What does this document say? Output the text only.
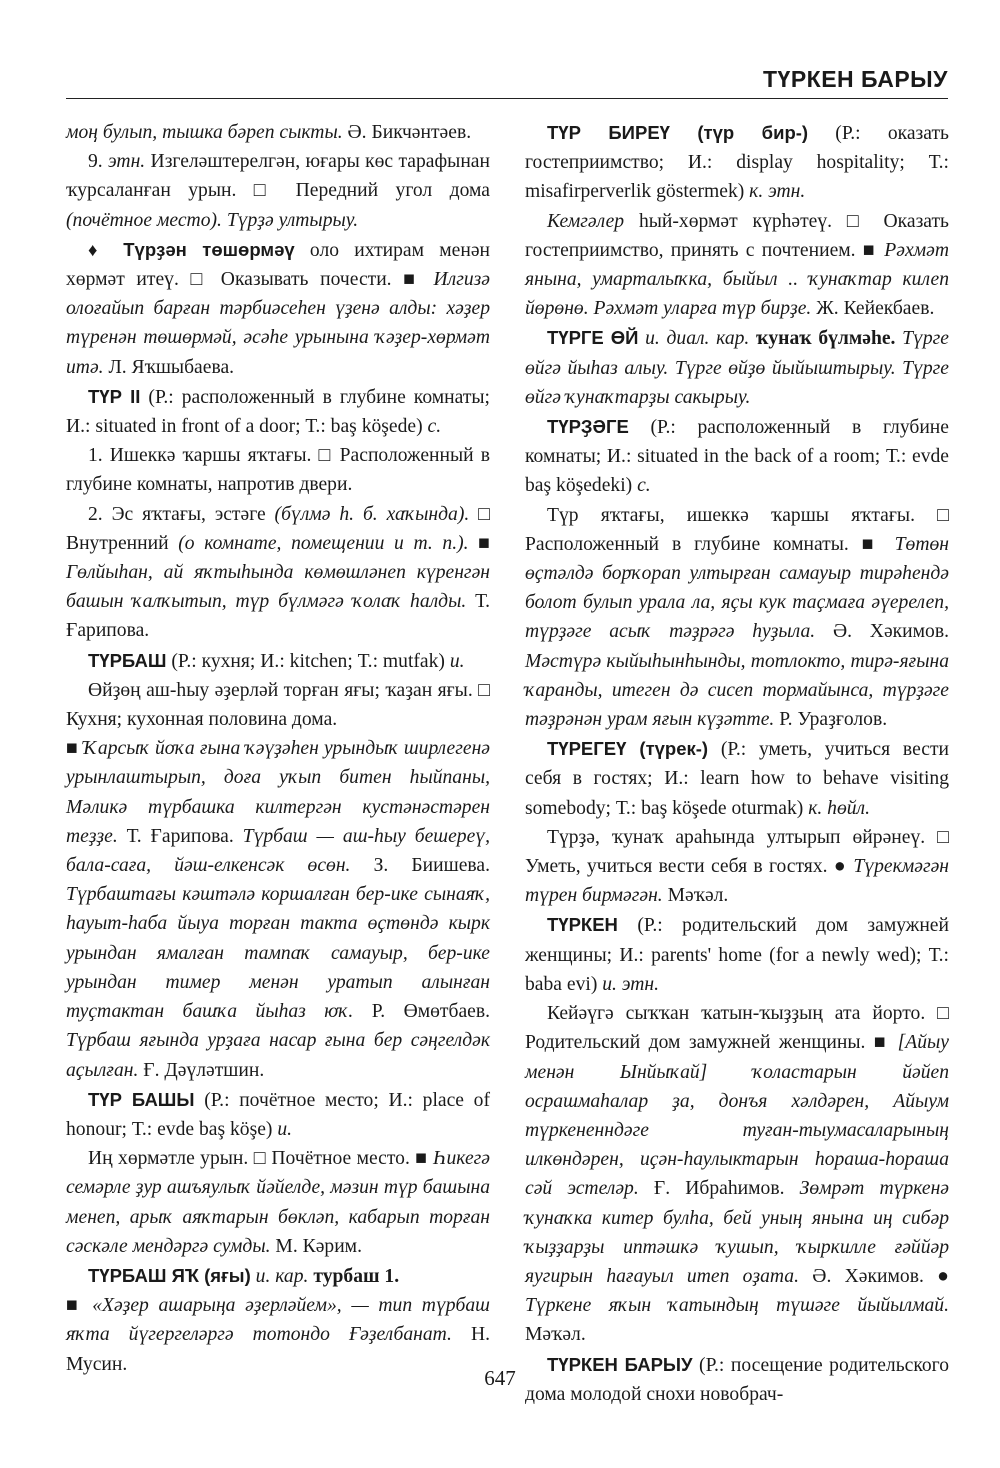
ТҮРКЕН БАРЫУ

моң булып, тышка бәреп сыкты. Ә. Бикчәнтәев.

9. этн. Изгеләштерелгән, юғары көс тарафынан ҡурсаланған урын. □ Передний угол дома (почётное место). Түрҙә ултырыу.

♦ Түрҙән төшөрмәү оло ихтирам менән хөрмәт итеү. □ Оказывать почести. ■ Илгизә олоғайып барған тәрбиәсеһен үҙенә алды: хәҙер түренән төшөрмәй, әсәһе урынына ҡәҙер-хөрмәт итә. Л. Яҡшыбаева.

ТҮР II (Р.: расположенный в глубине комнаты; И.: situated in front of a door; Т.: baş köşede) с.

1. Ишеккә ҡаршы яҡтағы. □ Расположенный в глубине комнаты, напротив двери.

2. Эс яҡтағы, эстәге (бүлмә h. б. хаҡында). □ Внутренний (о комнате, помещении и т. п.). ■ Гөлйыһан, ай яҡтыһында көмөшләнеп күренгән башын ҡалҡытып, түр бүлмәгә ҡолаҡ һалды. Т. Ғарипова.

ТҮРБАШ (Р.: кухня; И.: kitchen; Т.: mutfak) и.

Өйҙөң аш-һыу әҙерләй торған яғы; ҡаҙан яғы. □ Кухня; кухонная половина дома.

■ Ҡарсыҡ йоҡа ғына ҡәүҙәһен урындыҡ ширлегенә урынлаштырып, доға уҡып битен һыйпаны, Мәликә түрбашка килтергән кустәнәстәрен теҙҙе. Т. Ғарипова. Түрбаш — аш-һыу бешереү, бала-саға, йәш-елкенсәк өсөн. З. Биишева. Түрбаштағы кәштәлә коршалған бер-ике сынаяҡ, һауыт-һаба йыуа торған такта өҫтөндә кырк урындан ямалған тампаҡ самауыр, бер-ике урындан тимер менән уратып алынған туҫтактан башҡа йыһаз юҡ. Р. Өмөтбаев. Түрбаш яғында урҙаға насар ғына бер сәңгелдәк аҫылған. Ғ. Дәүләтшин.

ТҮР БАШЫ (Р.: почётное место; И.: place of honour; Т.: evde baş köşe) и.

Иң хөрмәтле урын. □ Почётное место. ■ Һикегә семәрле ҙур ашъяулыҡ йәйелде, мәзин түр башына менеп, арыҡ аяҡтарын бөкләп, кабарып торған сәскәле мендәргә сумды. М. Кәрим.

ТҮРБАШ ЯҠ (яғы) и. кар. турбаш 1.

■ «Хәҙер ашарыңа әҙерләйем», — тип түрбаш яҡта йүгергеләргә тотондо Ғәҙелбанат. Н. Мусин.

ТҮР БИРЕҮ (түр бир-) (Р.: оказать гостеприимство; И.: display hospitality; Т.: misafirperverlik göstermek) к. этн.

Кемгәлер һый-хөрмәт күрһәтеү. □ Оказать гостеприимство, принять с почтением. ■ Рәхмәт янына, умарталыҡка, быйыл .. ҡунаҡтар килеп йөрөнө. Рәхмәт уларға түр бирҙе. Ж. Кейекбаев.

ТҮРГЕ ӨЙ и. диал. кар. ҡунаҡ бүлмәһе. Түрге өйгә йыһаз алыу. Түрге өйҙө йыйыштырыу. Түрге өйгә ҡунаҡтарҙы сакырыу.

ТҮРҘӘГЕ (Р.: расположенный в глубине комнаты; И.: situated in the back of a room; Т.: evde baş köşedeki) с.

Түр яҡтағы, ишеккә ҡаршы яҡтағы. □ Расположенный в глубине комнаты. ■ Төтөн өҫтәлдә борҡорап ултырған самауыр тирәһендә болот булып урала ла, яҫы кук таҫмаға әүерелеп, түрҙәге асыҡ тәҙрәгә һуҙыла. Ә. Хәкимов. Мәстүрә кыйыһынһынды, тотлокто, тирә-яғына ҡаранды, итеген дә сисеп тормайынса, түрҙәге тәҙрәнән урам яғын күҙәтте. Р. Ураҙғолов.

ТҮРЕГЕҮ (түрек-) (Р.: уметь, учиться вести себя в гостях; И.: learn how to behave visiting somebody; Т.: baş köşede oturmak) к. һөйл.

Түрҙә, ҡунаҡ араһында ултырып өйрәнеү. □ Уметь, учиться вести себя в гостях. ● Түрекмәгән түрен бирмәгән. Мәҡәл.

ТҮРКЕН (Р.: родительский дом замужней женщины; И.: parents' home (for a newly wed); Т.: baba evi) и. этн.

Кейәүгә сыҡҡан ҡатын-ҡыҙҙың ата йорто. □ Родительский дом замужней женщины. ■ [Айыу менән Ынйыҡай] ҡоластарын йәйеп осрашмаһалар ҙа, донъя хәлдәрен, Айыум түркененндәге туған-тыумасаларының илкөндәрен, иҫән-һаулыктарын һораша-һораша сәй эстеләр. Ғ. Ибраһимов. Зөмрәт түркенә ҡунаҡка китер булһа, бей уның янына иң сибәр ҡыҙҙарҙы иптәшкә ҡушып, ҡыркилле ғәййәр яугирын һағауыл итеп оҙата. Ә. Хәкимов. ● Түркене яҡын ҡатындың түшәге йыйылмай. Мәҡәл.

ТҮРКЕН БАРЫУ (Р.: посещение родительского дома молодой снохи новобрач-

647
